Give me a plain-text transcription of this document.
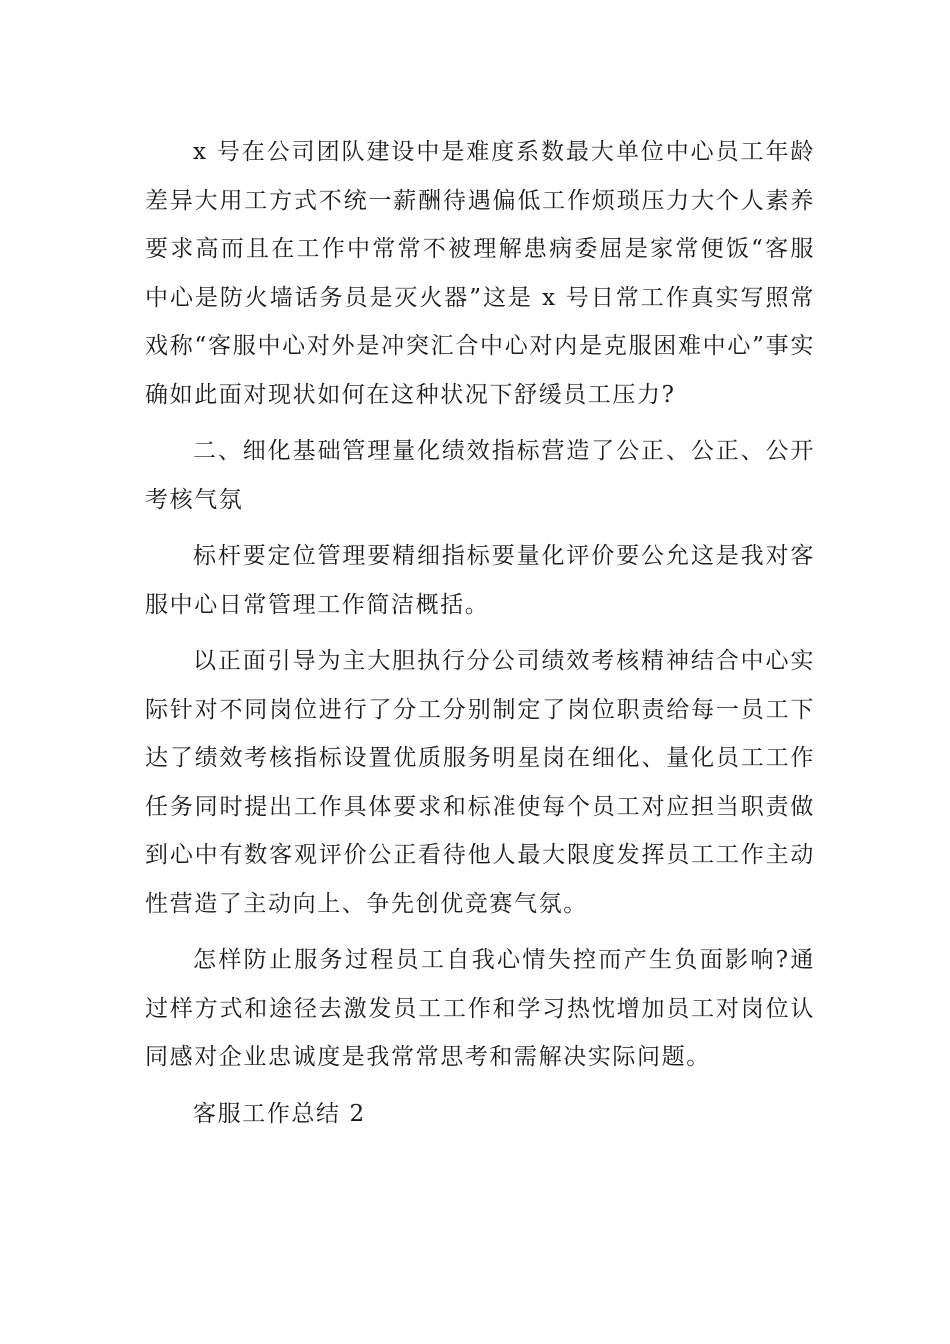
x 号在公司团队建设中是难度系数最大单位中心员工年龄差异大用工方式不统一薪酬待遇偏低工作烦琐压力大个人素养要求高而且在工作中常常不被理解患病委屈是家常便饭“客服中心是防火墙话务员是灭火器”这是 x 号日常工作真实写照常戏称“客服中心对外是冲突汇合中心对内是克服困难中心”事实确如此面对现状如何在这种状况下舒缓员工压力?

二、细化基础管理量化绩效指标营造了公正、公正、公开考核气氛

标杆要定位管理要精细指标要量化评价要公允这是我对客服中心日常管理工作简洁概括。

以正面引导为主大胆执行分公司绩效考核精神结合中心实际针对不同岗位进行了分工分别制定了岗位职责给每一员工下达了绩效考核指标设置优质服务明星岗在细化、量化员工工作任务同时提出工作具体要求和标准使每个员工对应担当职责做到心中有数客观评价公正看待他人最大限度发挥员工工作主动性营造了主动向上、争先创优竞赛气氛。

怎样防止服务过程员工自我心情失控而产生负面影响?通过样方式和途径去激发员工工作和学习热忱增加员工对岗位认同感对企业忠诚度是我常常思考和需解决实际问题。

客服工作总结 2
